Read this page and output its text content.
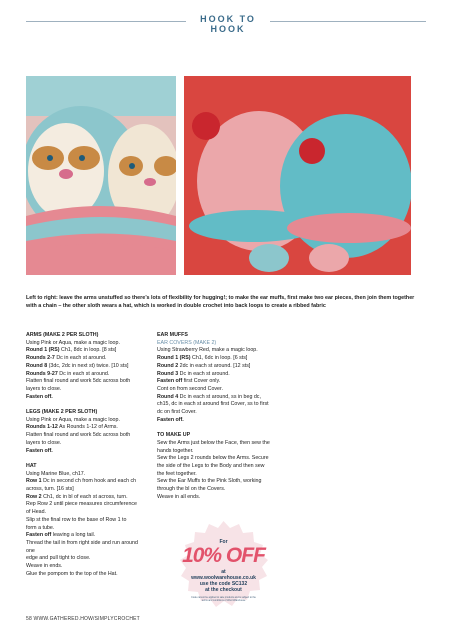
HOOK TO HOOK
Left to right: leave the arms unstuffed so there’s lots of flexibility for hugging!; to make the ear muffs, first make two ear pieces, then join them together with a chain – the other sloth wears a hat, which is worked in double crochet into back loops to create a ribbed fabric

ARMS (MAKE 2 PER SLOTH)

Using Pink or Aqua, make a magic loop.

Round 1 (RS) Ch1, 8dc in loop. [8 sts]

Rounds 2-7 Dc in each st around.

Round 8 (3dc, 2dc in next st) twice. [10 sts]

Rounds 9-27 Dc in each st around.

Flatten final round and work 5dc across both

layers to close.

Fasten off.

LEGS (MAKE 2 PER SLOTH)

Using Pink or Aqua, make a magic loop.

Rounds 1-12 As Rounds 1-12 of Arms.

Flatten final round and work 5dc across both

layers to close.

Fasten off.

HAT

Using Marine Blue, ch17.

Row 1 Dc in second ch from hook and each ch

across, turn. [16 sts]

Row 2 Ch1, dc in bl of each st across, turn.

Rep Row 2 until piece measures circumference

of Head.

Slip st the final row to the base of Row 1 to

form a tube.

Fasten off leaving a long tail.

Thread the tail in from right side and run around one

edge and pull tight to close.

Weave in ends.

Glue the pompom to the top of the Hat.

EAR MUFFS

EAR COVERS (MAKE 2)

Using Strawberry Red, make a magic loop.

Round 1 (RS) Ch1, 6dc in loop. [6 sts]

Round 2 2dc in each st around. [12 sts]

Round 3 Dc in each st around.

Fasten off first Cover only.

Cont on from second Cover.

Round 4 Dc in each st around, ss in beg dc,

ch15, dc in each st around first Cover, ss to first

dc on first Cover.

Fasten off.

TO MAKE UP

Sew the Arms just below the Face, then sew the

hands together.

Sew the Legs 2 rounds below the Arms. Secure

the side of the Legs to the Body and then sew

the feet together.

Sew the Ear Muffs to the Pink Sloth, working

through the bl on the Covers.

Weave in all ends.

For
10% OFF
at
www.woolwarehouse.co.uk
use the code SC132
at the checkout
Code cannot be applied to sale products and is subject to the terms and conditions of Wool Warehouse
58 WWW.GATHERED.HOW/SIMPLYCROCHET
